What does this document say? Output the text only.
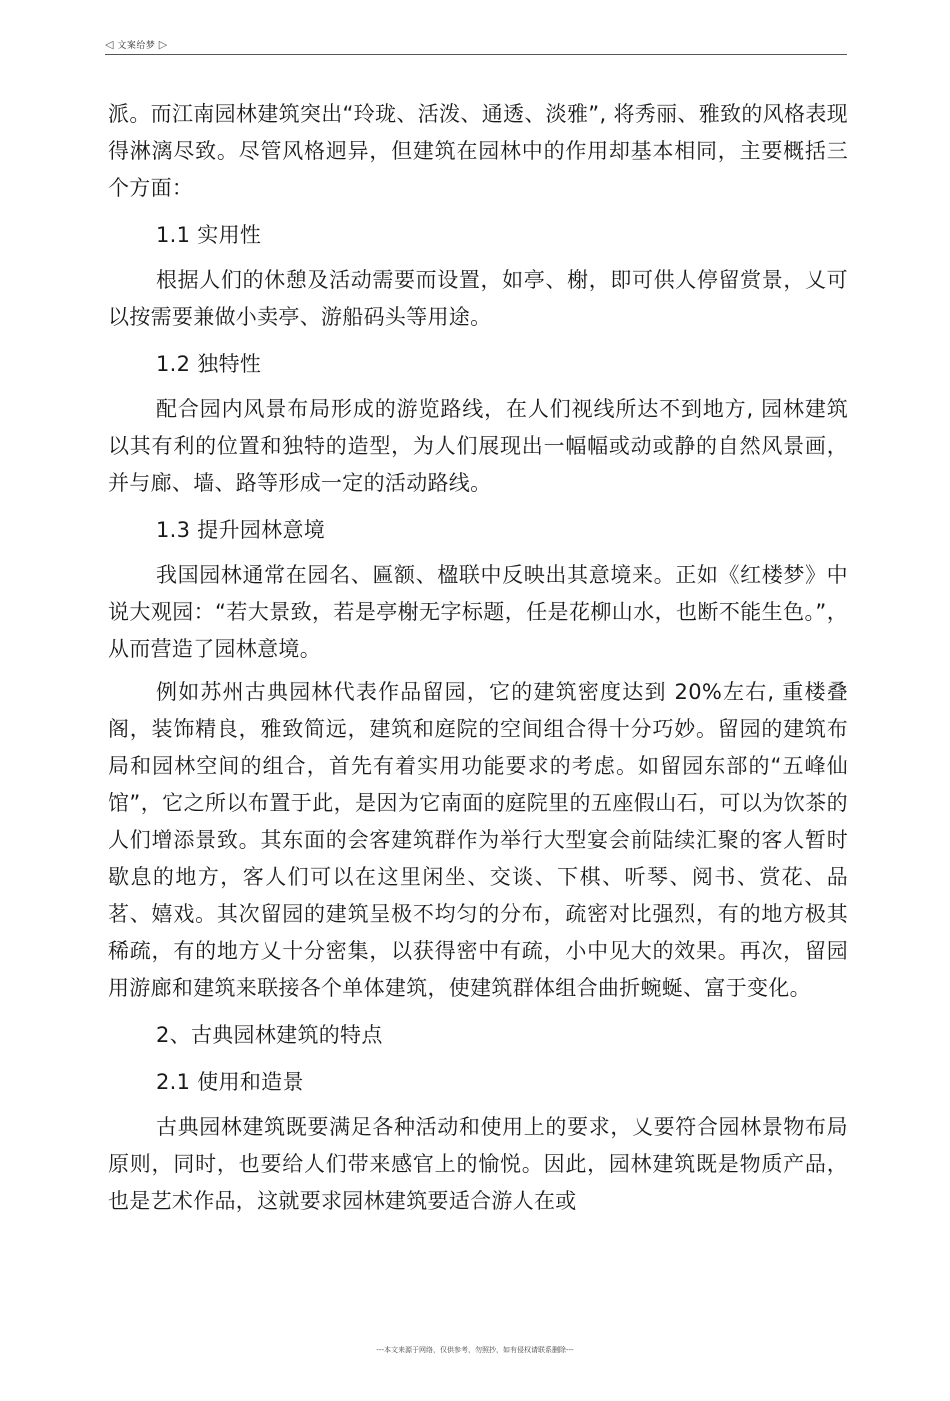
◁ 文案给梦 ▷

派。而江南园林建筑突出“玲珑、活泼、通透、淡雅”, 将秀丽、雅致的风格表现得淋漓尽致。尽管风格迥异，但建筑在园林中的作用却基本相同，主要概括三个方面：

1.1 实用性

根据人们的休憩及活动需要而设置，如亭、榭，即可供人停留赏景，乂可以按需要兼做小卖亭、游船码头等用途。

1.2 独特性

配合园内风景布局形成的游览路线，在人们视线所达不到地方, 园林建筑以其有利的位置和独特的造型，为人们展现出一幅幅或动或静的自然风景画，并与廊、墙、路等形成一定的活动路线。

1.3 提升园林意境

我国园林通常在园名、匾额、楹联中反映出其意境来。正如《红楼梦》中说大观园：“若大景致，若是亭榭无字标题，任是花柳山水，也断不能生色。”，从而营造了园林意境。

例如苏州古典园林代表作品留园，它的建筑密度达到 20%左右, 重楼叠阁，装饰精良，雅致简远，建筑和庭院的空间组合得十分巧妙。留园的建筑布局和园林空间的组合，首先有着实用功能要求的考虑。如留园东部的“五峰仙馆”，它之所以布置于此，是因为它南面的庭院里的五座假山石，可以为饮茶的人们增添景致。其东面的会客建筑群作为举行大型宴会前陆续汇聚的客人暂时歇息的地方，客人们可以在这里闲坐、交谈、下棋、听琴、阅书、赏花、品茗、嬉戏。其次留园的建筑呈极不均匀的分布，疏密对比强烈，有的地方极其稀疏，有的地方乂十分密集，以获得密中有疏，小中见大的效果。再次，留园用游廊和建筑来联接各个单体建筑，使建筑群体组合曲折蜿蜒、富于变化。

2、古典园林建筑的特点

2.1 使用和造景

古典园林建筑既要满足各种活动和使用上的要求，乂要符合园林景物布局原则，同时，也要给人们带来感官上的愉悦。因此，园林建筑既是物质产品，也是艺术作品，这就要求园林建筑要适合游人在或

---本文来源于网络，仅供参考，勿照抄，如有侵权请联系删除---
